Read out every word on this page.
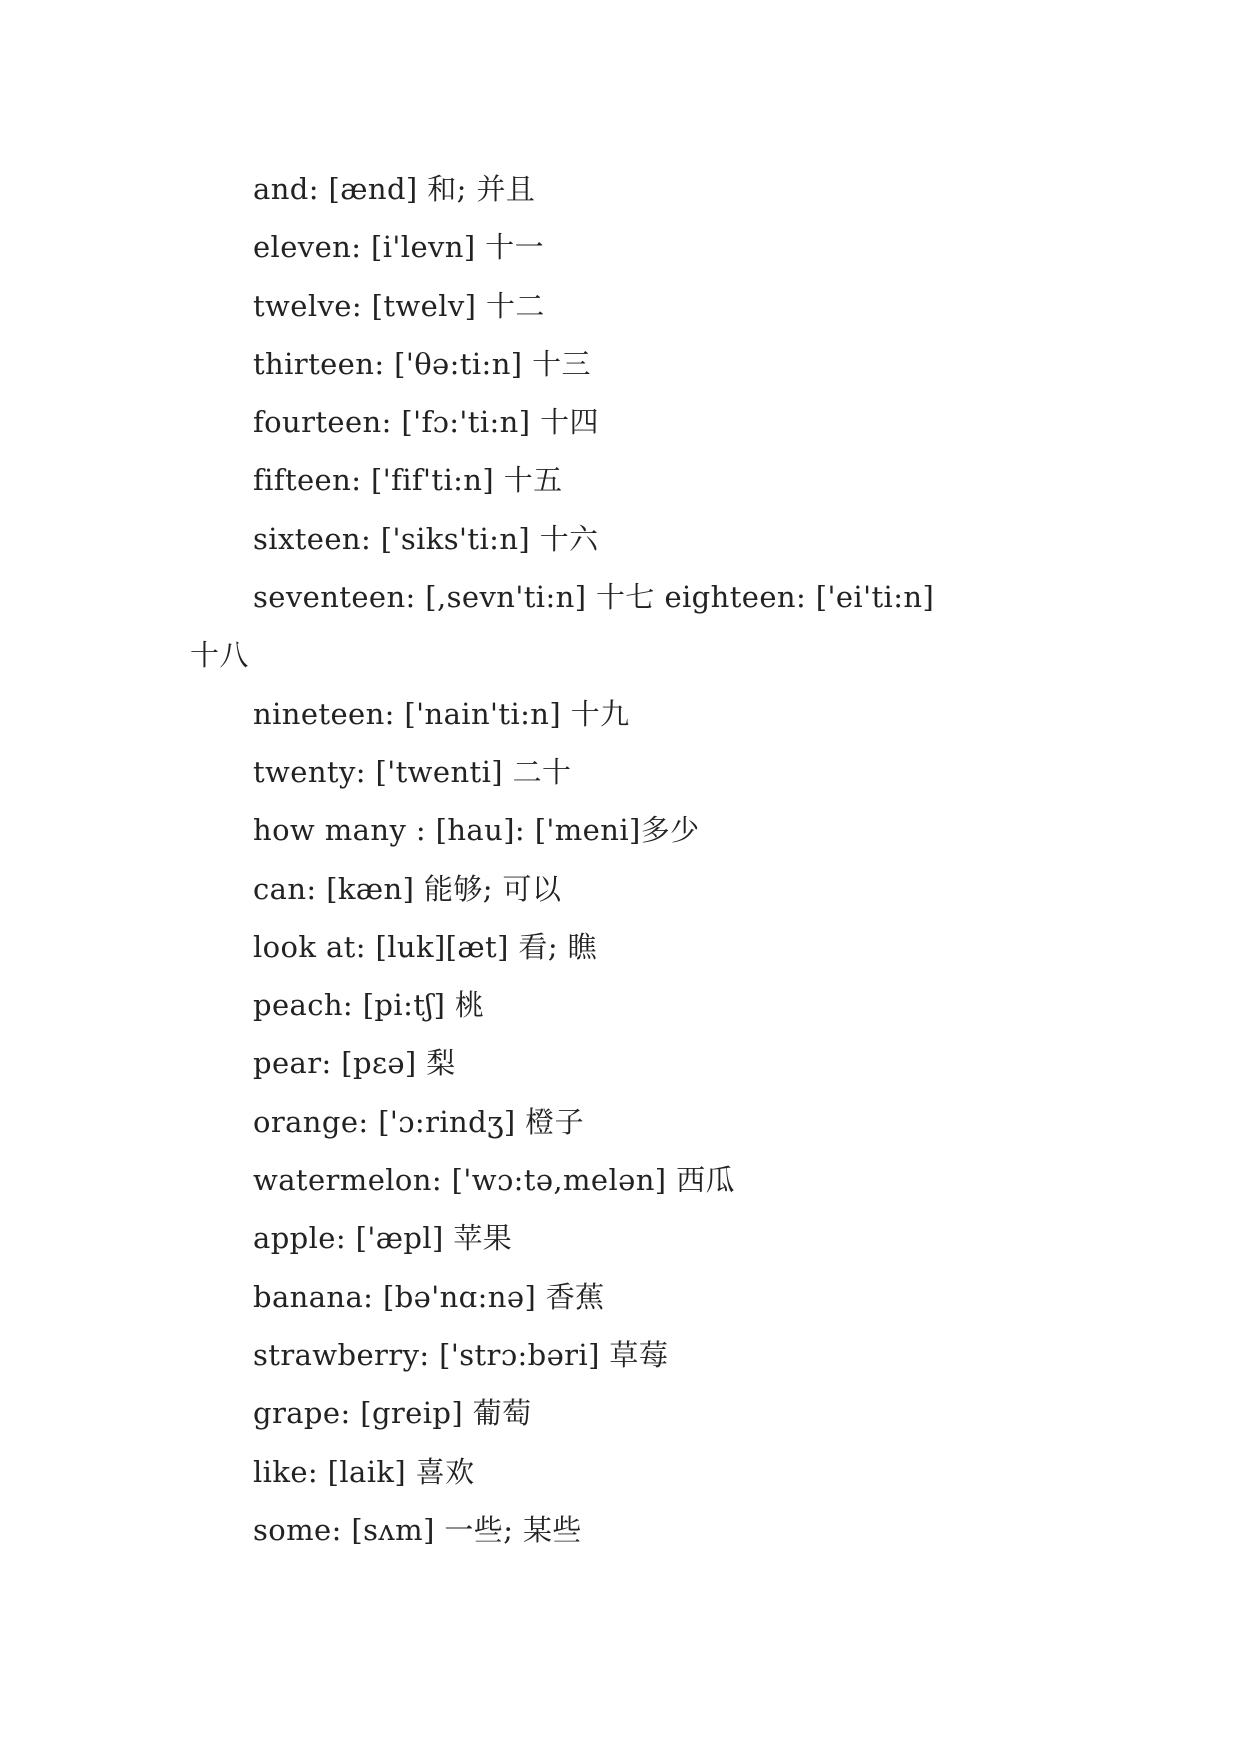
and: [ænd] 和; 并且
eleven: [i'levn] 十一
twelve: [twelv] 十二
thirteen: ['θə:ti:n] 十三
fourteen: ['fɔ:'ti:n] 十四
fifteen: ['fif'ti:n] 十五
sixteen: ['siks'ti:n] 十六
seventeen: [,sevn'ti:n] 十七 eighteen: ['ei'ti:n]
十八
nineteen: ['nain'ti:n] 十九
twenty: ['twenti] 二十
how many : [hau]: ['meni]多少
can: [kæn] 能够; 可以
look at: [luk][æt] 看; 瞧
peach: [pi:tʃ] 桃
pear: [pεə] 梨
orange: ['ɔ:rindʒ] 橙子
watermelon: ['wɔ:tə,melən] 西瓜
apple: ['æpl] 苹果
banana: [bə'nɑ:nə] 香蕉
strawberry: ['strɔ:bəri] 草莓
grape: [greip] 葡萄
like: [laik] 喜欢
some: [sʌm] 一些; 某些
